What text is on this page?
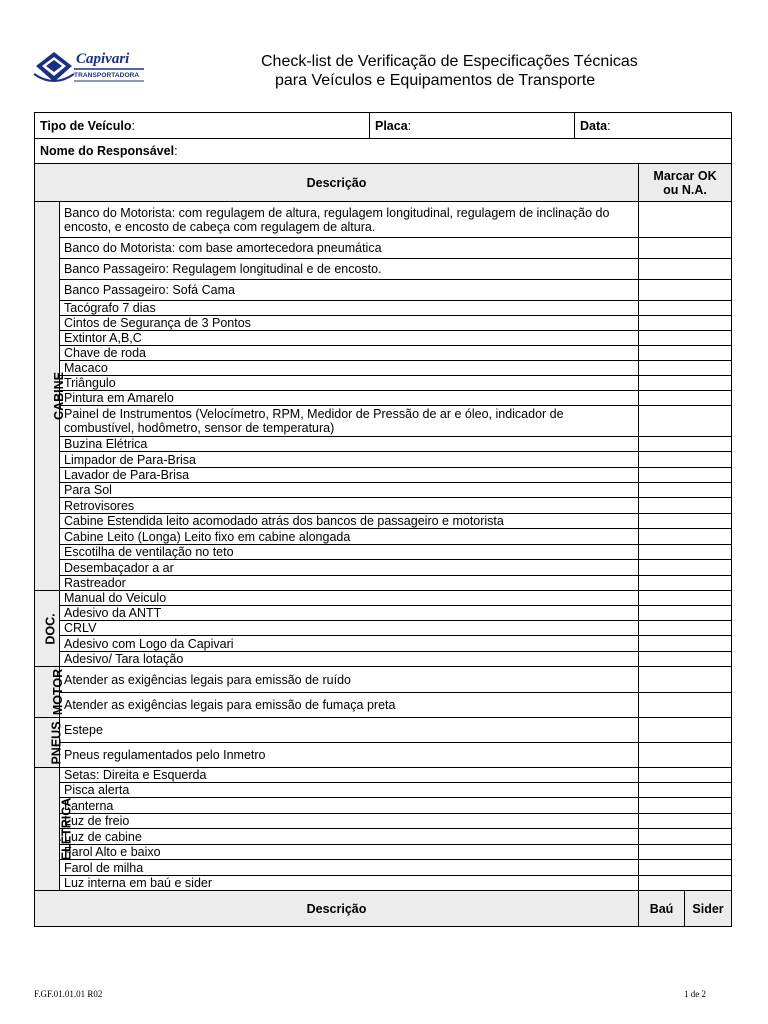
Capivari
TRANSPORTADORA
Check-list de Verificação de Especificações Técnicas
para Veículos e Equipamentos de Transporte
Tipo de Veículo:	Placa:	Data:
Nome do Responsável:
Descrição		Marcar OK
ou N.A.	
CABINE	Banco do Motorista: com regulagem de altura, regulagem longitudinal, regulagem de inclinação do encosto, e encosto de cabeça com regulagem de altura.		
	Banco do Motorista: com base amortecedora pneumática		
	Banco Passageiro: Regulagem longitudinal e de encosto.		
	Banco Passageiro: Sofá Cama		
	Tacógrafo 7 dias		
	Cintos de Segurança de 3 Pontos		
	Extintor A,B,C		
	Chave de roda		
	Macaco		
	Triângulo		
	Pintura em Amarelo		
	Painel de Instrumentos (Velocímetro, RPM, Medidor de Pressão de ar e óleo, indicador de combustível, hodômetro, sensor de temperatura)		
	Buzina Elétrica		
	Limpador de Para-Brisa		
	Lavador de Para-Brisa		
	Para Sol		
	Retrovisores		
	Cabine Estendida leito acomodado atrás dos bancos de passageiro e motorista		
	Cabine Leito (Longa) Leito fixo em cabine alongada		
	Escotilha de ventilação no teto		
	Desembaçador a ar		
	Rastreador		
DOC.	Manual do Veiculo		
	Adesivo da ANTT		
	CRLV		
	Adesivo com Logo da Capivari		
	Adesivo/ Tara lotação		
MOTOR	Atender as exigências legais para emissão de ruído		
	Atender as exigências legais para emissão de fumaça preta		
PNEUS	Estepe		
	Pneus regulamentados pelo Inmetro		
ELÉTRICA	Setas: Direita e Esquerda		
	Pisca alerta		
	Lanterna		
	Luz de freio		
	Luz de cabine		
	Farol Alto e baixo		
	Farol de milha		
	Luz interna em baú e sider		
Descrição		Baú	Sider
F.GF.01.01.01 R02	1 de 2
